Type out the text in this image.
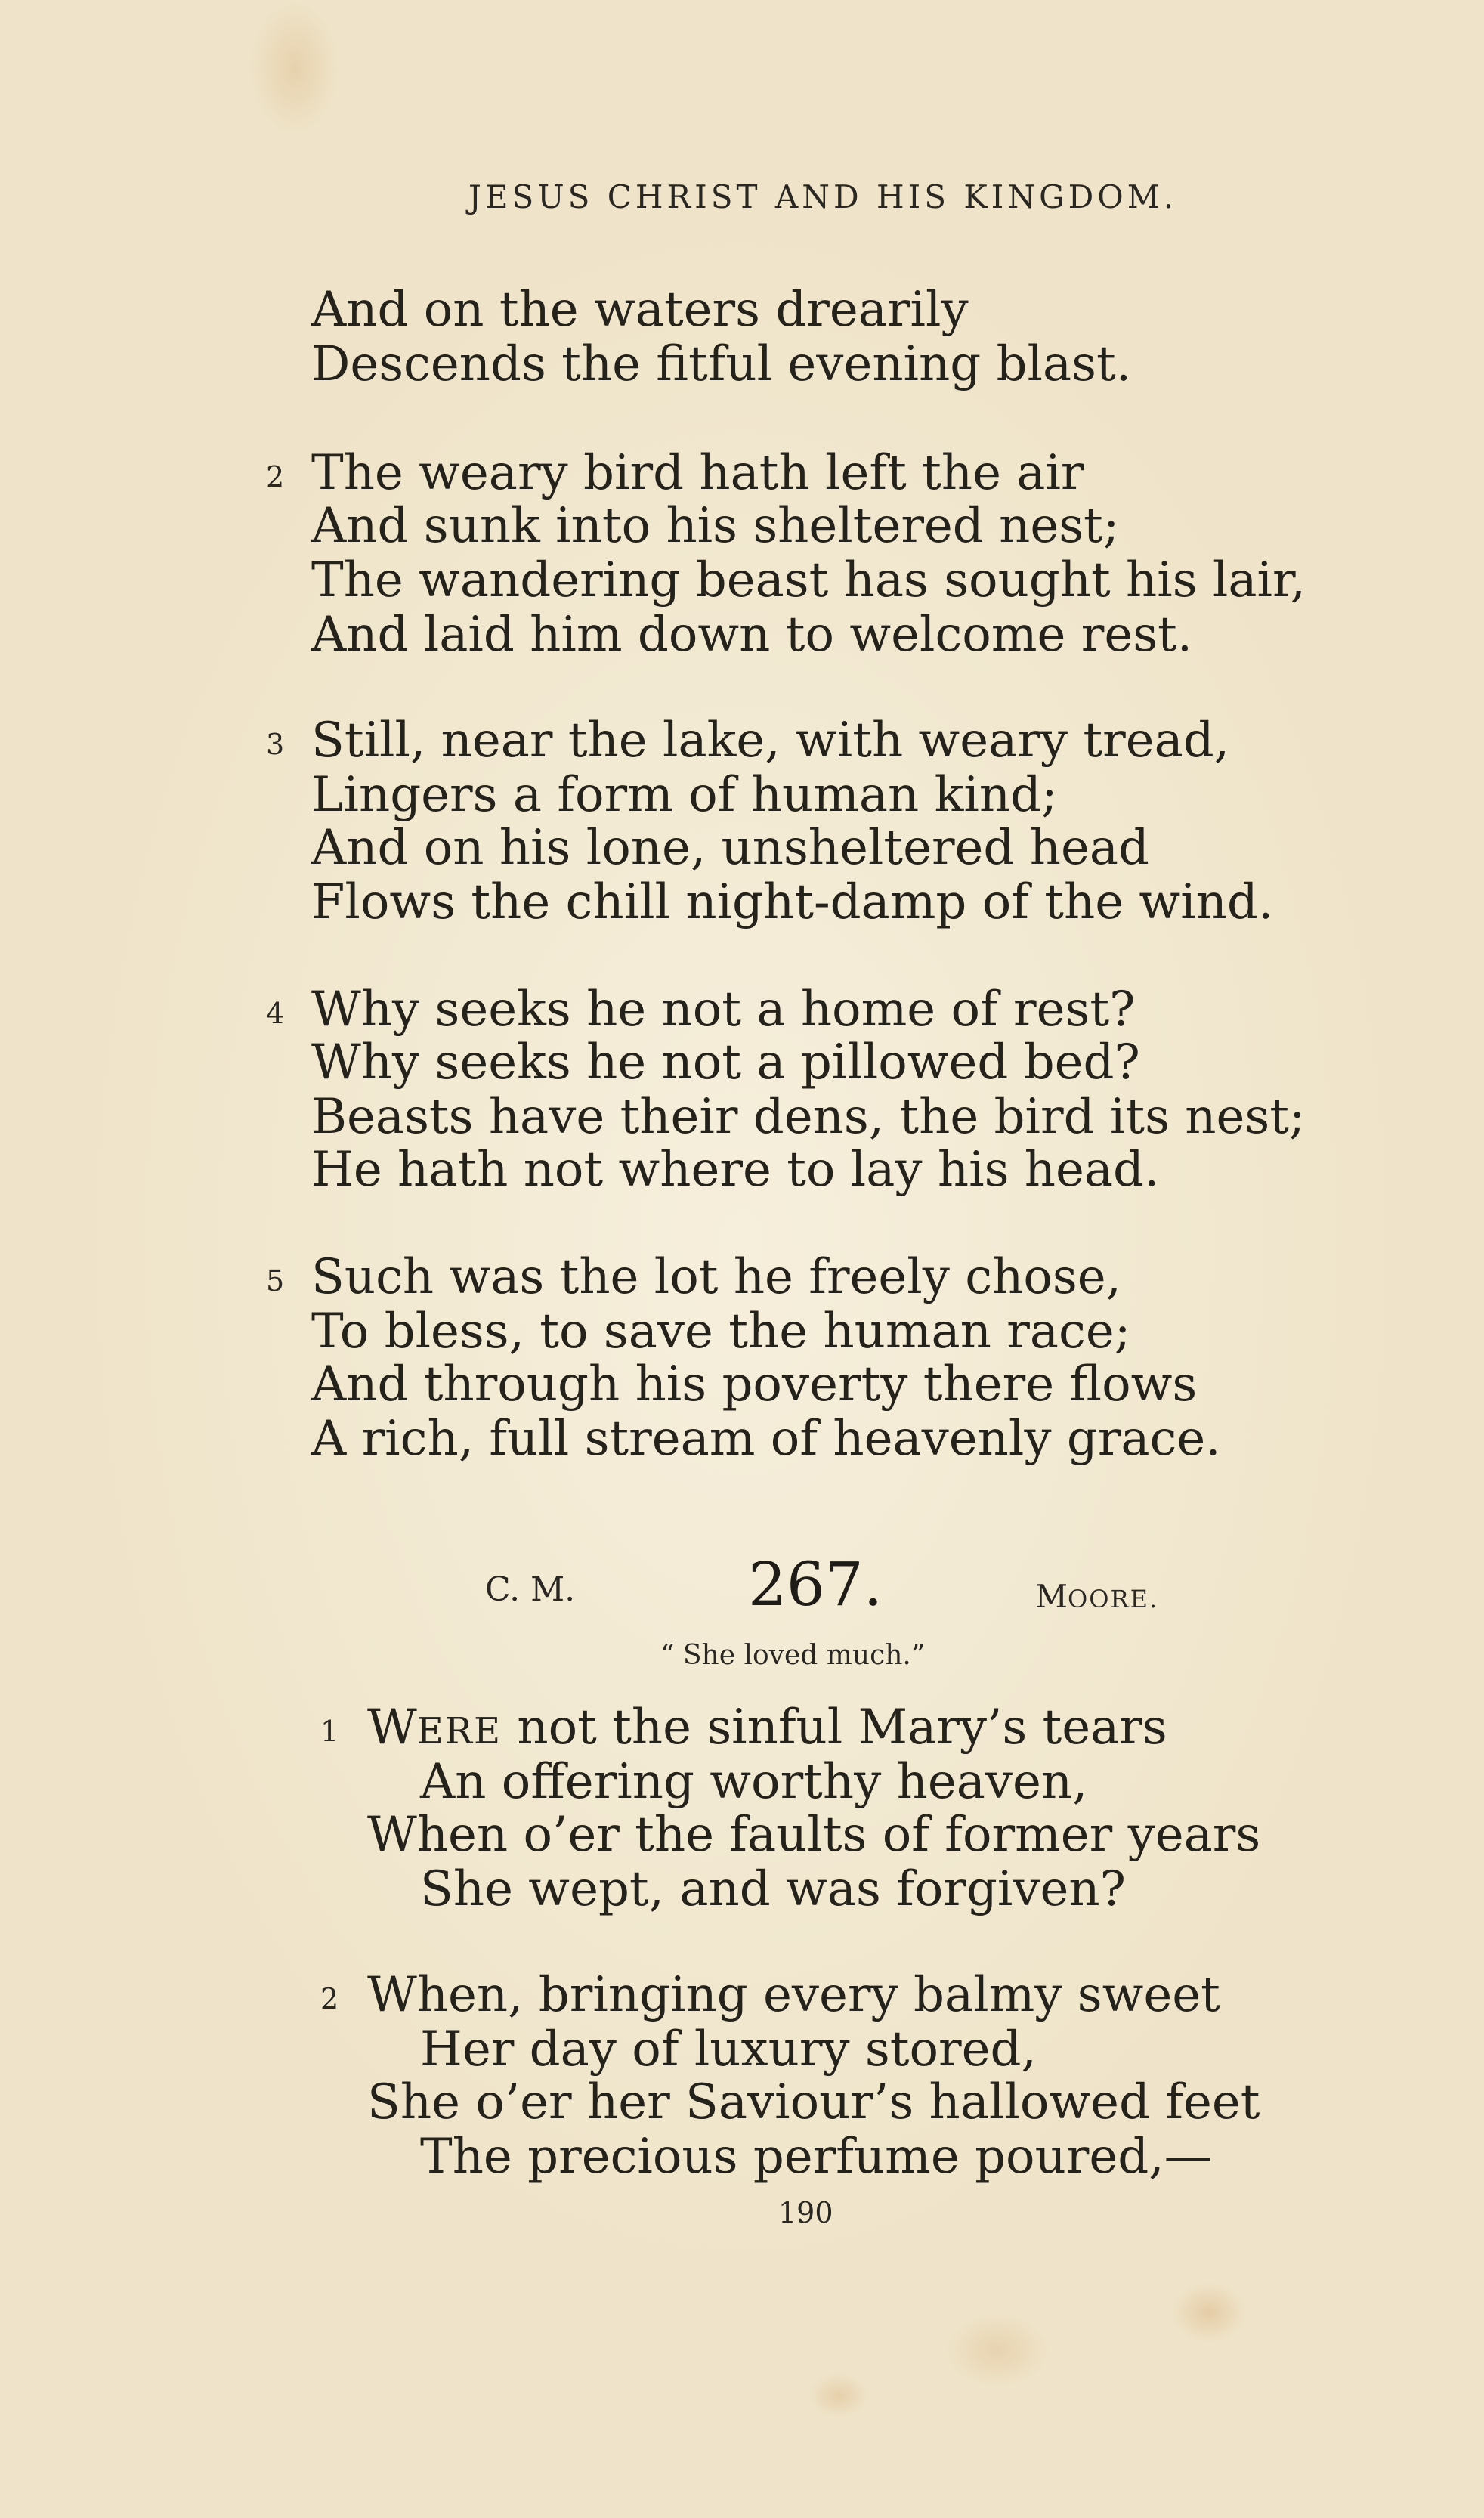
JESUS CHRIST AND HIS KINGDOM.
And on the waters drearily
Descends the fitful evening blast.
2 The weary bird hath left the air
And sunk into his sheltered nest;
The wandering beast has sought his lair,
And laid him down to welcome rest.
3 Still, near the lake, with weary tread,
Lingers a form of human kind;
And on his lone, unsheltered head
Flows the chill night-damp of the wind.
4 Why seeks he not a home of rest?
Why seeks he not a pillowed bed?
Beasts have their dens, the bird its nest;
He hath not where to lay his head.
5 Such was the lot he freely chose,
To bless, to save the human race;
And through his poverty there flows
A rich, full stream of heavenly grace.
C. M.	267.	MOORE.
“ She loved much.”
1 WERE not the sinful Mary’s tears
An offering worthy heaven,
When o’er the faults of former years
She wept, and was forgiven?
2 When, bringing every balmy sweet
Her day of luxury stored,
She o’er her Saviour’s hallowed feet
The precious perfume poured,—
190
